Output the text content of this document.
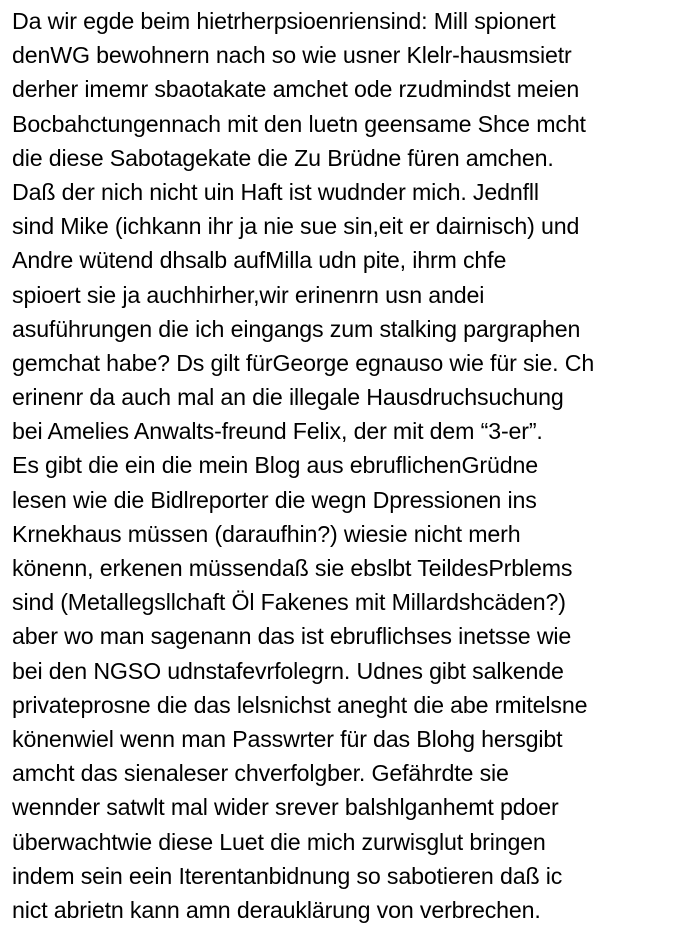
Da wir egde beim hietrherpsioenriensind: Mill spionert
denWG bewohnern nach so wie usner Klelr-hausmsietr
derher imemr sbaotakate amchet ode rzudmindst meien
Bocbahctungennach mit den luetn geensame Shce mcht
die diese Sabotagekate die Zu Brüdne füren amchen.
Daß der nich nicht uin Haft ist wudnder mich. Jednfll
sind Mike (ichkann ihr ja nie sue sin,eit er dairnisch) und
Andre wütend dhsalb aufMilla udn pite, ihrm chfe
spioert sie ja auchhirher,wir erinenrn usn andei
asuführungen die ich eingangs zum stalking pargraphen
gemchat habe? Ds gilt fürGeorge egnauso wie für sie. Ch
erinenr da auch mal an die illegale Hausdruchsuchung
bei Amelies Anwalts-freund Felix, der mit dem “3-er”.
Es gibt die ein die mein Blog aus ebruflichenGrüdne
lesen wie die Bidlreporter die wegn Dpressionen ins
Krnekhaus müssen (daraufhin?) wiesie nicht merh
könenn, erkenen müssendaß sie ebslbt TeildesPrblems
sind (Metallegsllchaft Öl Fakenes mit Millardshcäden?)
aber wo man sagenann das ist ebruflichses inetsse wie
bei den NGSO udnstafevrfolegrn. Udnes gibt salkende
privateprosne die das lelsnichst aneght die abe rmitelsne
könenwiel wenn man Passwrter für das Blohg hersgibt
amcht das sienaleser chverfolgber. Gefährdte sie
wennder satwlt mal wider srever balshlganhemt pdoer
überwachtwie diese Luet die mich zurwisglut bringen
indem sein eein Iterentanbidnung so sabotieren daß ic
nict abrietn kann amn derauklärung von verbrechen.
